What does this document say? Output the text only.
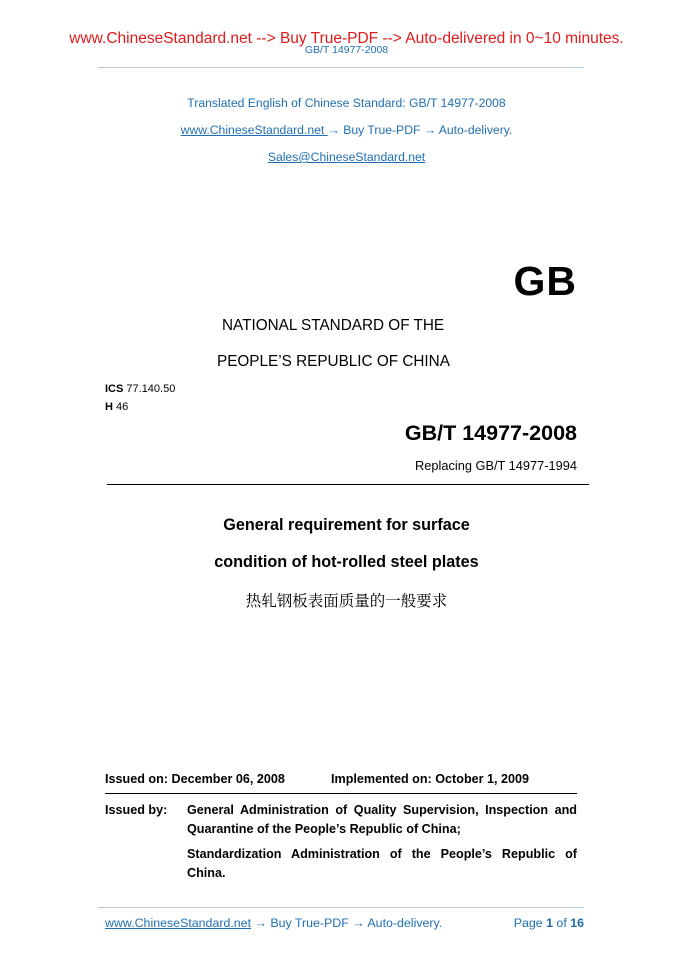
www.ChineseStandard.net --> Buy True-PDF --> Auto-delivered in 0~10 minutes.
GB/T 14977-2008
Translated English of Chinese Standard: GB/T 14977-2008
www.ChineseStandard.net → Buy True-PDF → Auto-delivery.
Sales@ChineseStandard.net
GB
NATIONAL STANDARD OF THE
PEOPLE’S REPUBLIC OF CHINA
ICS 77.140.50
H 46
GB/T 14977-2008
Replacing GB/T 14977-1994
General requirement for surface
condition of hot-rolled steel plates
热轧钢板表面质量的一般要求
Issued on: December 06, 2008	Implemented on: October 1, 2009
Issued by: General Administration of Quality Supervision, Inspection and Quarantine of the People’s Republic of China;
Standardization Administration of the People’s Republic of China.
www.ChineseStandard.net → Buy True-PDF → Auto-delivery.	Page 1 of 16
